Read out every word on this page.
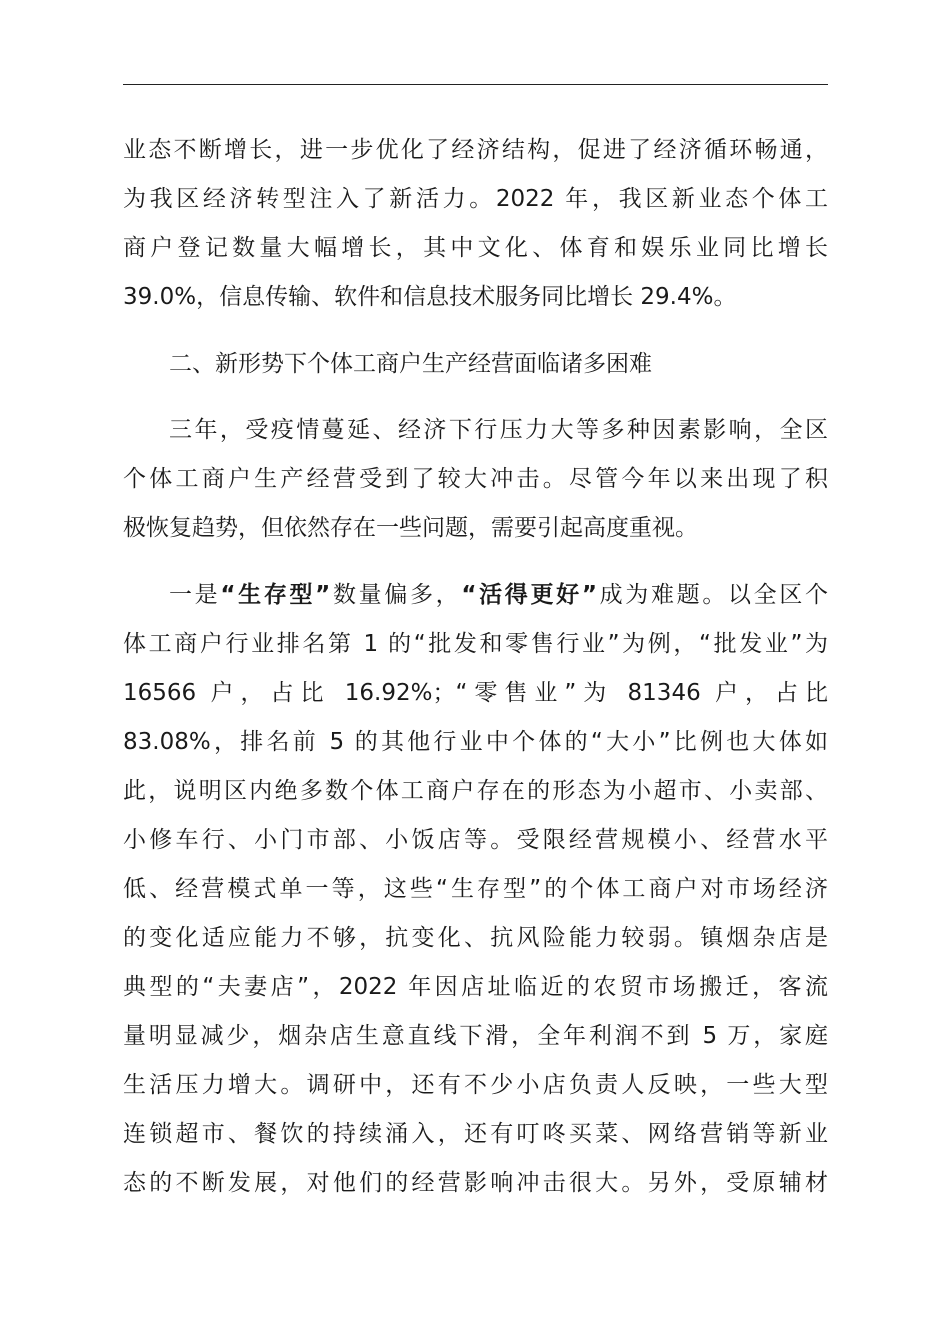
业态不断增长，进一步优化了经济结构，促进了经济循环畅通，
为我区经济转型注入了新活力。2022 年，我区新业态个体工
商户登记数量大幅增长，其中文化、体育和娱乐业同比增长
39.0%，信息传输、软件和信息技术服务同比增长 29.4%。
二、新形势下个体工商户生产经营面临诸多困难
三年，受疫情蔓延、经济下行压力大等多种因素影响，全区
个体工商户生产经营受到了较大冲击。尽管今年以来出现了积
极恢复趋势，但依然存在一些问题，需要引起高度重视。
一是“生存型”数量偏多，“活得更好”成为难题。以全区个
体工商户行业排名第 1 的“批发和零售行业”为例，“批发业”为
16566 户，占比 16.92%；“零售业”为 81346 户，占比
83.08%，排名前 5 的其他行业中个体的“大小”比例也大体如
此，说明区内绝多数个体工商户存在的形态为小超市、小卖部、
小修车行、小门市部、小饭店等。受限经营规模小、经营水平
低、经营模式单一等，这些“生存型”的个体工商户对市场经济
的变化适应能力不够，抗变化、抗风险能力较弱。镇烟杂店是
典型的“夫妻店”，2022 年因店址临近的农贸市场搬迁，客流
量明显减少，烟杂店生意直线下滑，全年利润不到 5 万，家庭
生活压力增大。调研中，还有不少小店负责人反映，一些大型
连锁超市、餐饮的持续涌入，还有叮咚买菜、网络营销等新业
态的不断发展，对他们的经营影响冲击很大。另外，受原辅材
